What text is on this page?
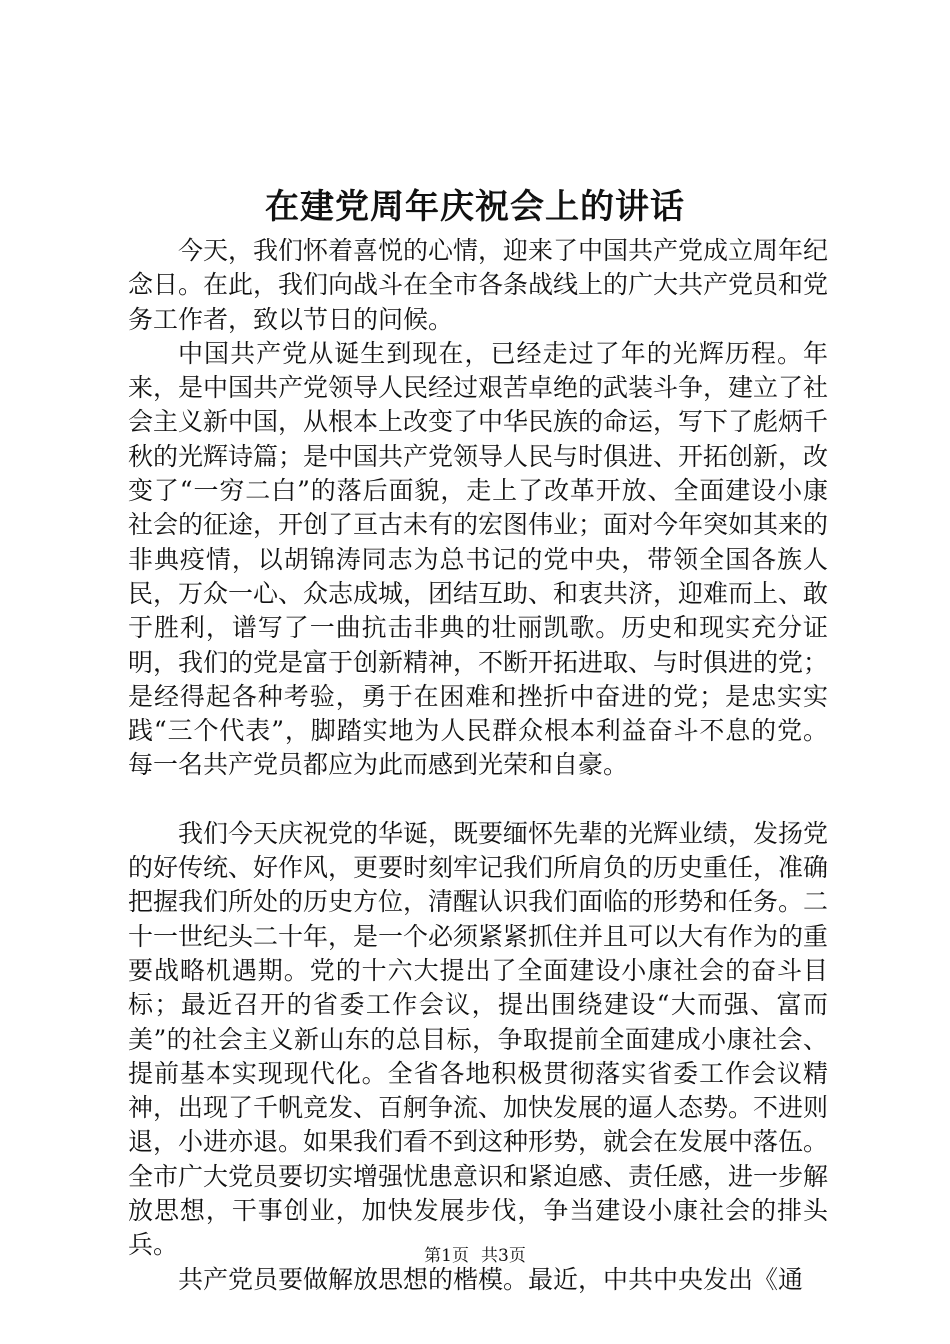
在建党周年庆祝会上的讲话

今天，我们怀着喜悦的心情，迎来了中国共产党成立周年纪念日。在此，我们向战斗在全市各条战线上的广大共产党员和党务工作者，致以节日的问候。

中国共产党从诞生到现在，已经走过了年的光辉历程。年来，是中国共产党领导人民经过艰苦卓绝的武装斗争，建立了社会主义新中国，从根本上改变了中华民族的命运，写下了彪炳千秋的光辉诗篇；是中国共产党领导人民与时俱进、开拓创新，改变了“一穷二白”的落后面貌，走上了改革开放、全面建设小康社会的征途，开创了亘古未有的宏图伟业；面对今年突如其来的非典疫情，以胡锦涛同志为总书记的党中央，带领全国各族人民，万众一心、众志成城，团结互助、和衷共济，迎难而上、敢于胜利，谱写了一曲抗击非典的壮丽凯歌。历史和现实充分证明，我们的党是富于创新精神，不断开拓进取、与时俱进的党；是经得起各种考验，勇于在困难和挫折中奋进的党；是忠实实践“三个代表”，脚踏实地为人民群众根本利益奋斗不息的党。每一名共产党员都应为此而感到光荣和自豪。

我们今天庆祝党的华诞，既要缅怀先辈的光辉业绩，发扬党的好传统、好作风，更要时刻牢记我们所肩负的历史重任，准确把握我们所处的历史方位，清醒认识我们面临的形势和任务。二十一世纪头二十年，是一个必须紧紧抓住并且可以大有作为的重要战略机遇期。党的十六大提出了全面建设小康社会的奋斗目标；最近召开的省委工作会议，提出围绕建设“大而强、富而美”的社会主义新山东的总目标，争取提前全面建成小康社会、提前基本实现现代化。全省各地积极贯彻落实省委工作会议精神，出现了千帆竞发、百舸争流、加快发展的逼人态势。不进则退，小进亦退。如果我们看不到这种形势，就会在发展中落伍。全市广大党员要切实增强忧患意识和紧迫感、责任感，进一步解放思想，干事创业，加快发展步伐，争当建设小康社会的排头兵。

共产党员要做解放思想的楷模。最近，中共中央发出《通

第1页 共3页
